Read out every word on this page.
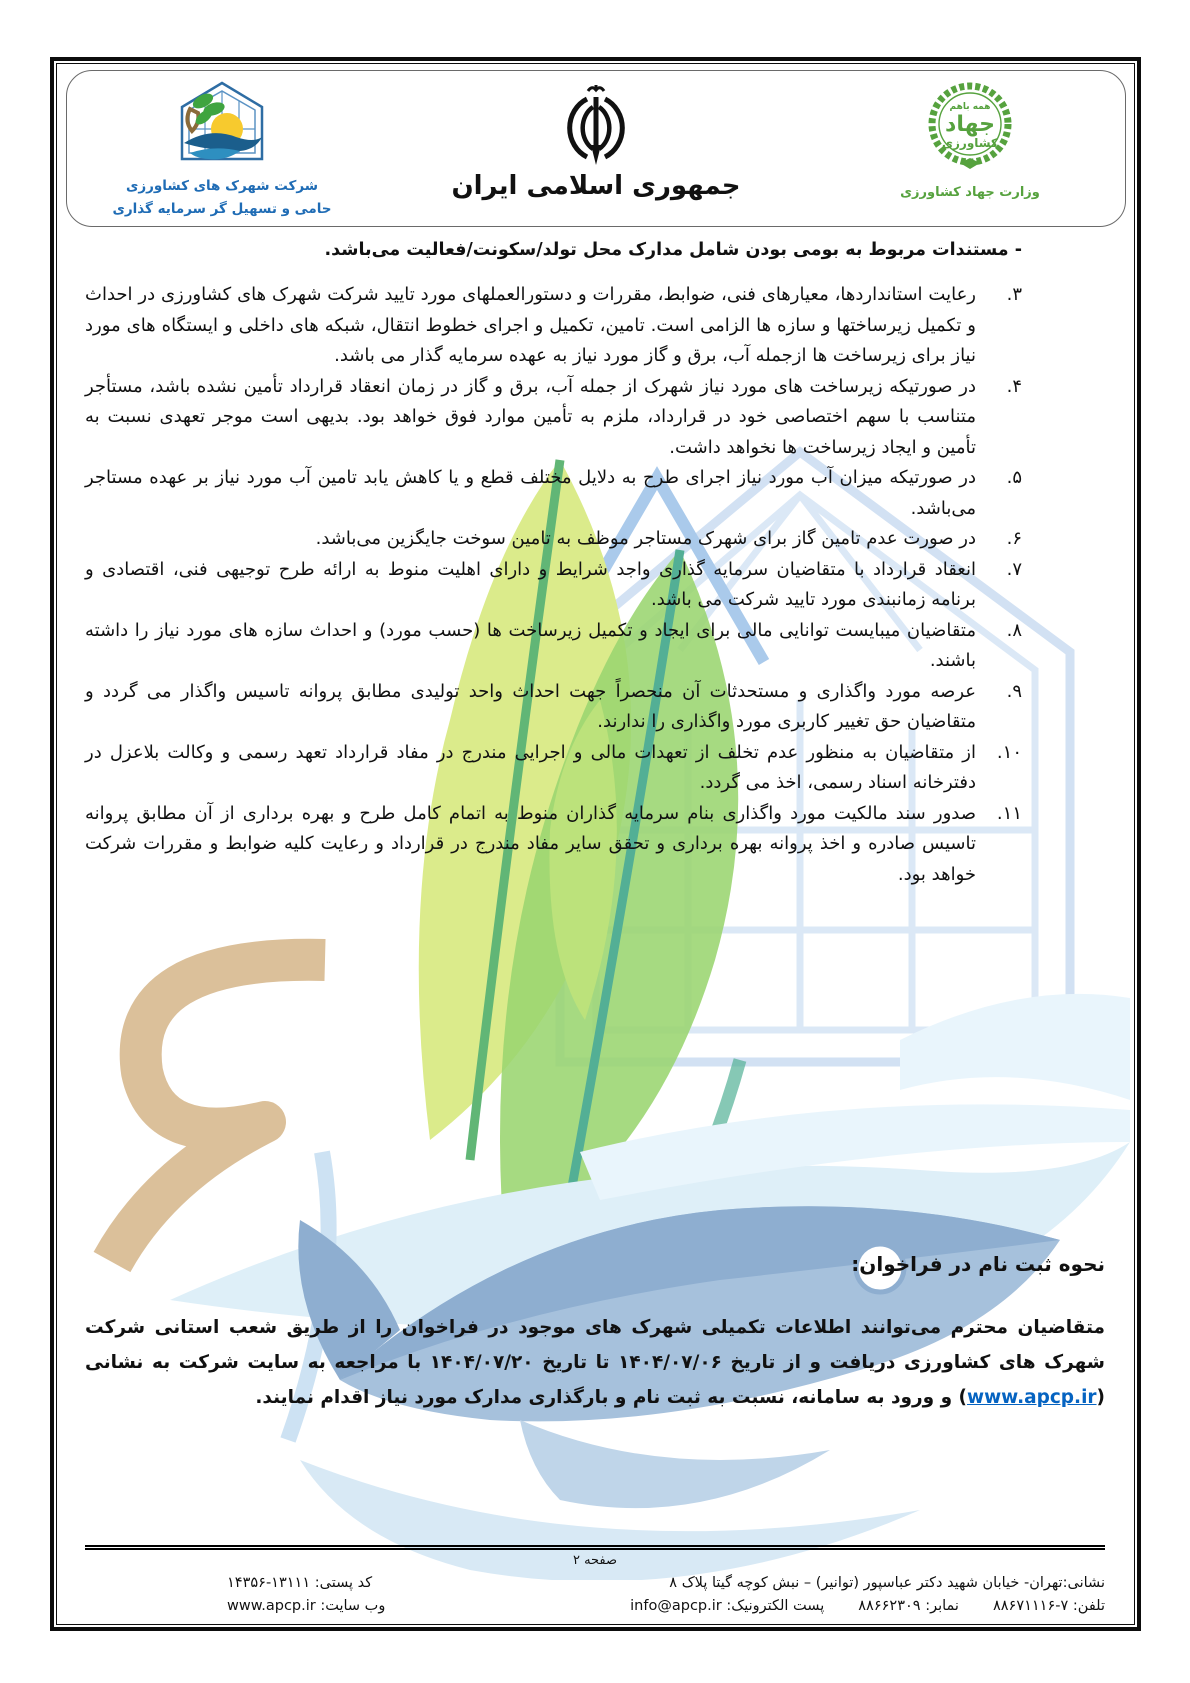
شرکت شهرک های کشاورزی
حامی و تسهیل گر سرمایه گذاری
جمهوری اسلامی ایران
همه باهم
جهاد
کشاورزی
وزارت جهاد کشاورزی
- مستندات مربوط به بومی بودن شامل مدارک محل تولد/سکونت/فعالیت می‌باشد.
۳.
رعایت استانداردها، معیارهای فنی، ضوابط، مقررات و دستورالعملهای مورد تایید شرکت شهرک های کشاورزی در احداث و تکمیل زیرساختها و سازه ها الزامی است. تامین، تکمیل و اجرای خطوط انتقال، شبکه های داخلی و ایستگاه های مورد نیاز برای زیرساخت ها ازجمله آب، برق و گاز مورد نیاز به عهده سرمایه گذار می باشد.
۴.
در صورتیکه زیرساخت های مورد نیاز شهرک از جمله آب، برق و گاز در زمان انعقاد قرارداد تأمین نشده باشد، مستأجر متناسب با سهم اختصاصی خود در قرارداد، ملزم به تأمین موارد فوق خواهد بود. بدیهی است موجر تعهدی نسبت به تأمین و ایجاد زیرساخت ها نخواهد داشت.
۵.
در صورتیکه میزان آب مورد نیاز اجرای طرح به دلایل مختلف قطع و یا کاهش یابد تامین آب مورد نیاز بر عهده مستاجر می‌باشد.
۶.
در صورت عدم تامین گاز برای شهرک مستاجر موظف به تامین سوخت جایگزین می‌باشد.
۷.
انعقاد قرارداد با متقاضیان سرمایه گذاری واجد شرایط و دارای اهلیت منوط به ارائه طرح توجیهی فنی، اقتصادی و برنامه زمانبندی مورد تایید شرکت می باشد.
۸.
متقاضیان میبایست توانایی مالی برای ایجاد و تکمیل زیرساخت ها (حسب مورد) و احداث سازه های مورد نیاز را داشته باشند.
۹.
عرصه مورد واگذاری و مستحدثات آن منحصراً جهت احداث واحد تولیدی مطابق پروانه تاسیس واگذار می گردد و متقاضیان حق تغییر کاربری مورد واگذاری را ندارند.
۱۰.
از متقاضیان به منظور عدم تخلف از تعهدات مالی و اجرایی مندرج در مفاد قرارداد تعهد رسمی و وکالت بلاعزل در دفترخانه اسناد رسمی، اخذ می گردد.
۱۱.
صدور سند مالکیت مورد واگذاری بنام سرمایه گذاران منوط به اتمام کامل طرح و بهره برداری از آن مطابق پروانه تاسیس صادره و اخذ پروانه بهره برداری و تحقق سایر مفاد مندرج در قرارداد و رعایت کلیه ضوابط و مقررات شرکت خواهد بود.
نحوه ثبت نام در فراخوان:
متقاضیان محترم می‌توانند اطلاعات تکمیلی شهرک های موجود در فراخوان را از طریق شعب استانی شرکت شهرک های کشاورزی دریافت و از تاریخ ۱۴۰۴/۰۷/۰۶ تا تاریخ ۱۴۰۴/۰۷/۲۰ با مراجعه به سایت شرکت به نشانی (www.apcp.ir) و ورود به سامانه، نسبت به ثبت نام و بارگذاری مدارک مورد نیاز اقدام نمایند.
صفحه ۲
نشانی:تهران- خیابان شهید دکتر عباسپور (توانیر) – نبش کوچه گیتا پلاک ۸
کد پستی: ۱۴۳۵۶-۱۳۱۱۱
تلفن: ۸۸۶۷۱۱۱۶-۷
نمابر: ۸۸۶۶۲۳۰۹
پست الکترونیک: info@apcp.ir
وب سایت: www.apcp.ir
